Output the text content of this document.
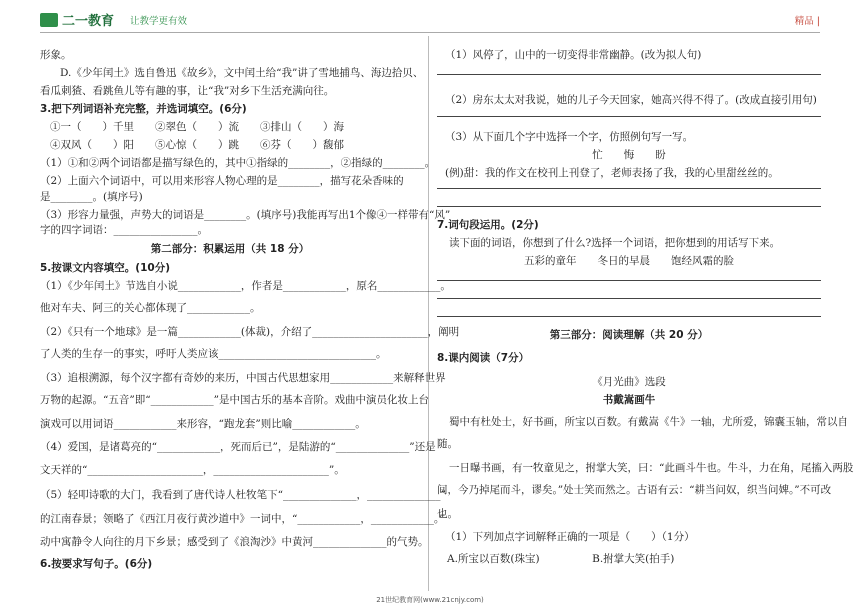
二一教育 让教学更有效	精品 |
形象。
D.《少年闰土》选自鲁迅《故乡》，文中闰土给“我”讲了雪地捕鸟、海边拾贝、
看瓜刺猹、看跳鱼儿等有趣的事，让“我”对乡下生活充满向往。
3.把下列词语补充完整，并选词填空。(6分)
①一（　　）千里　　②翠色（　　）流　　③排山（　　）海
④双风（　　）阳　　⑤心惊（　　）跳　　⑥芬（　　）馥郁
（1）①和②两个词语都是描写绿色的，其中①指绿的________，②指绿的________。
（2）上面六个词语中，可以用来形容人物心理的是________，描写花朵香味的
是________。(填序号)
（3）形容力量强，声势大的词语是________。(填序号)我能再写出1个像④一样带有“风”
字的四字词语：________________。
第二部分：积累运用（共 18 分）
5.按课文内容填空。(10分)
（1）《少年闰土》节选自小说____________，作者是____________，原名____________。
他对车夫、阿三的关心都体现了____________。
（2）《只有一个地球》是一篇____________(体裁)，介绍了______________________，阐明
了人类的生存一的事实，呼吁人类应该______________________________。
（3）追根溯源，每个汉字都有奇妙的来历，中国古代思想家用____________来解释世界
万物的起源。“五音”即“____________”是中国古乐的基本音阶。戏曲中演员化妆上台
演戏可以用词语____________来形容，“跑龙套”则比喻____________。
（4）爱国，是诸葛亮的“____________，死而后已”，是陆游的“______________”还是
文天祥的“______________________，______________________”。
（5）轻叩诗歌的大门，我看到了唐代诗人杜牧笔下“______________，______________”
的江南春景；领略了《西江月夜行黄沙道中》一词中，“____________，____________。”
动中寓静令人向往的月下乡景；感受到了《浪淘沙》中黄河______________的气势。
6.按要求写句子。(6分)
（1）风停了，山中的一切变得非常幽静。(改为拟人句)
（2）房东太太对我说，她的儿子今天回家，她高兴得不得了。(改成直接引用句)
（3）从下面几个字中选择一个字，仿照例句写一写。
忙　　悔　　盼
(例)甜：我的作文在校刊上刊登了，老师表扬了我，我的心里甜丝丝的。
7.词句段运用。(2分)
读下面的词语，你想到了什么?选择一个词语，把你想到的用话写下来。
五彩的童年　　冬日的早晨　　饱经风霜的脸
第三部分：阅读理解（共 20 分）
8.课内阅读（7分）
《月光曲》选段
书戴嵩画牛
蜀中有杜处士，好书画，所宝以百数。有戴嵩《牛》一轴，尤所爱，锦囊玉轴，常以自
随。
一日曝书画，有一牧童见之，拊掌大笑，曰：“此画斗牛也。牛斗，力在角，尾搐入两股
间，今乃掉尾而斗，谬矣。”处士笑而然之。古语有云：“耕当问奴，织当问婢。”不可改
也。
（1）下列加点字词解释正确的一项是（　　）（1分）
A.所宝以百数(珠宝)　　　　　B.拊掌大笑(拍手)
21世纪教育网(www.21cnjy.com)
